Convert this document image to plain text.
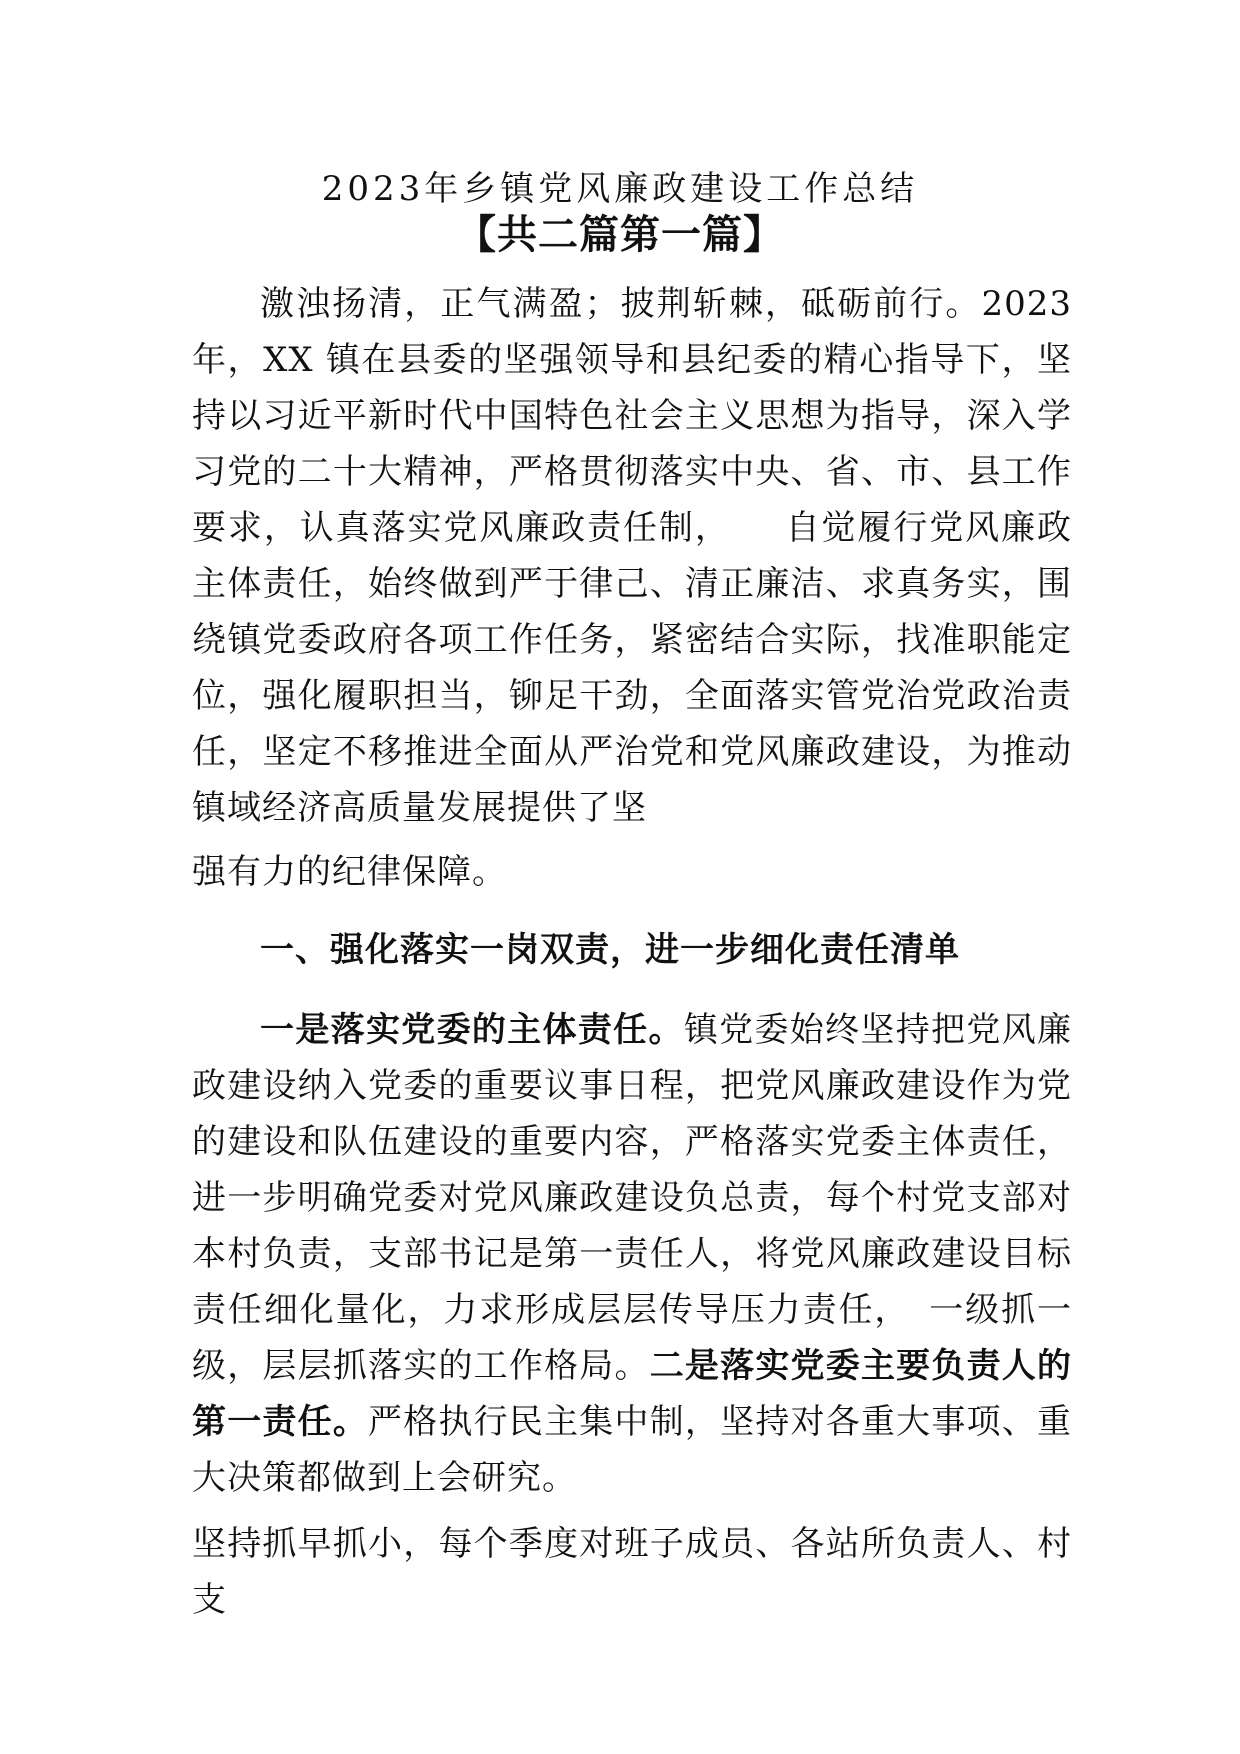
2023年乡镇党风廉政建设工作总结
【共二篇第一篇】

激浊扬清，正气满盈；披荆斩棘，砥砺前行。2023 年，XX 镇在县委的坚强领导和县纪委的精心指导下，坚持以习近平新时代中国特色社会主义思想为指导，深入学习党的二十大精神，严格贯彻落实中央、省、市、县工作要求，认真落实党风廉政责任制，　　自觉履行党风廉政主体责任，始终做到严于律己、清正廉洁、求真务实，围绕镇党委政府各项工作任务，紧密结合实际，找准职能定位，强化履职担当，铆足干劲，全面落实管党治党政治责任，坚定不移推进全面从严治党和党风廉政建设，为推动镇域经济高质量发展提供了坚

强有力的纪律保障。

一、强化落实一岗双责，进一步细化责任清单

一是落实党委的主体责任。镇党委始终坚持把党风廉政建设纳入党委的重要议事日程，把党风廉政建设作为党的建设和队伍建设的重要内容，严格落实党委主体责任，进一步明确党委对党风廉政建设负总责，每个村党支部对本村负责，支部书记是第一责任人，将党风廉政建设目标责任细化量化，力求形成层层传导压力责任，　一级抓一级，层层抓落实的工作格局。二是落实党委主要负责人的第一责任。严格执行民主集中制，坚持对各重大事项、重大决策都做到上会研究。

坚持抓早抓小，每个季度对班子成员、各站所负责人、村支
